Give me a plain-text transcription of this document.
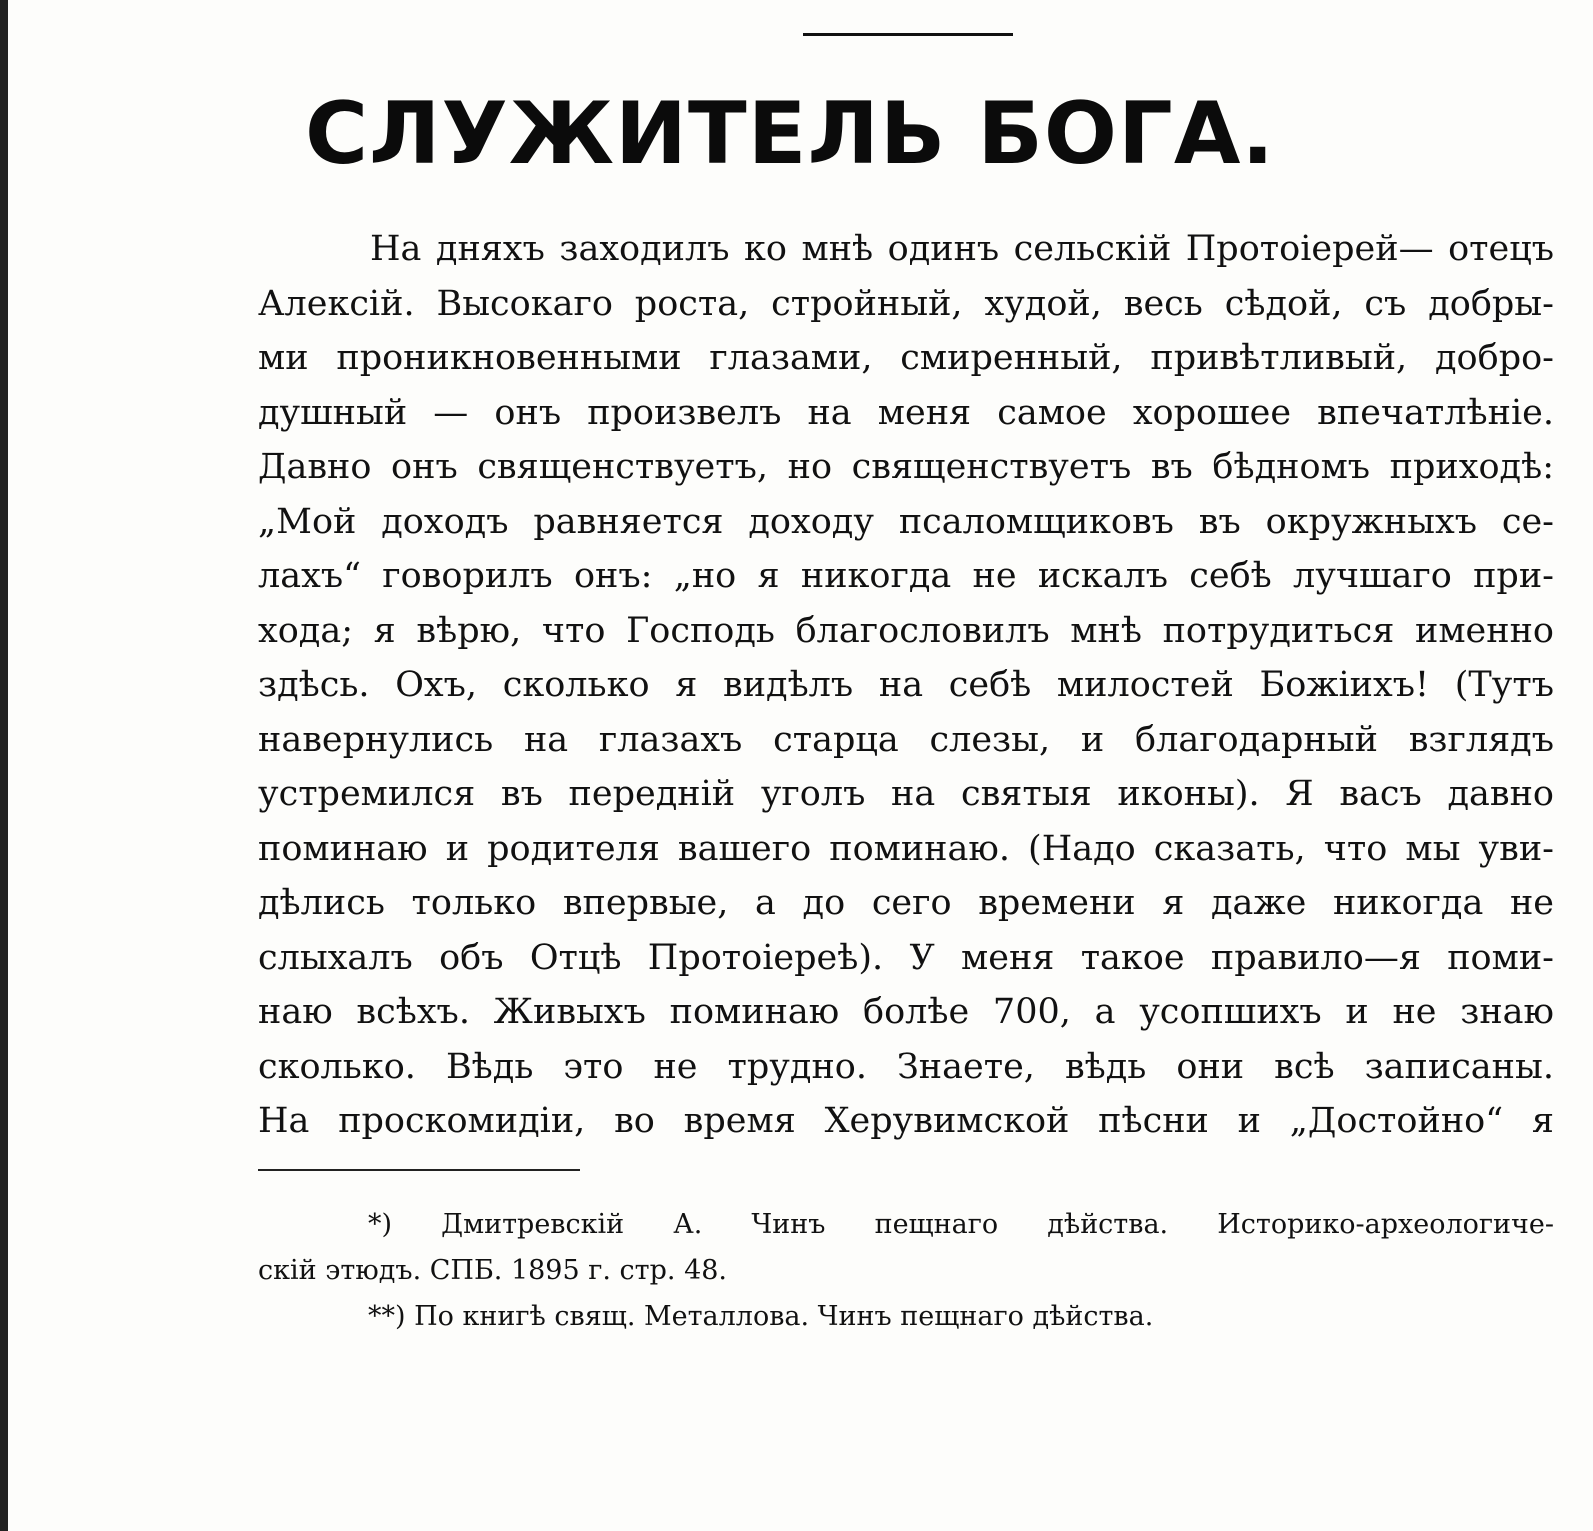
СЛУЖИТЕЛЬ БОГА.
На дняхъ заходилъ ко мнѣ одинъ сельскій Протоіерей— отецъ
Алексій. Высокаго роста, стройный, худой, весь сѣдой, съ добры-
ми проникновенными глазами, смиренный, привѣтливый, добро-
душный — онъ произвелъ на меня самое хорошее впечатлѣніе.
Давно онъ священствуетъ, но священствуетъ въ бѣдномъ приходѣ:
„Мой доходъ равняется доходу псаломщиковъ въ окружныхъ се-
лахъ“ говорилъ онъ: „но я никогда не искалъ себѣ лучшаго при-
хода; я вѣрю, что Господь благословилъ мнѣ потрудиться именно
здѣсь. Охъ, сколько я видѣлъ на себѣ милостей Божіихъ! (Тутъ
навернулись на глазахъ старца слезы, и благодарный взглядъ
устремился въ передній уголъ на святыя иконы). Я васъ давно
поминаю и родителя вашего поминаю. (Надо сказать, что мы уви-
дѣлись только впервые, а до сего времени я даже никогда не
слыхалъ объ Отцѣ Протоіереѣ). У меня такое правило—я поми-
наю всѣхъ. Живыхъ поминаю болѣе 700, а усопшихъ и не знаю
сколько. Вѣдь это не трудно. Знаете, вѣдь они всѣ записаны.
На проскомидіи, во время Херувимской пѣсни и „Достойно“ я
*) Дмитревскій А. Чинъ пещнаго дѣйства. Историко-археологиче-
скій этюдъ. СПБ. 1895 г. стр. 48.
**) По книгѣ свящ. Металлова. Чинъ пещнаго дѣйства.
